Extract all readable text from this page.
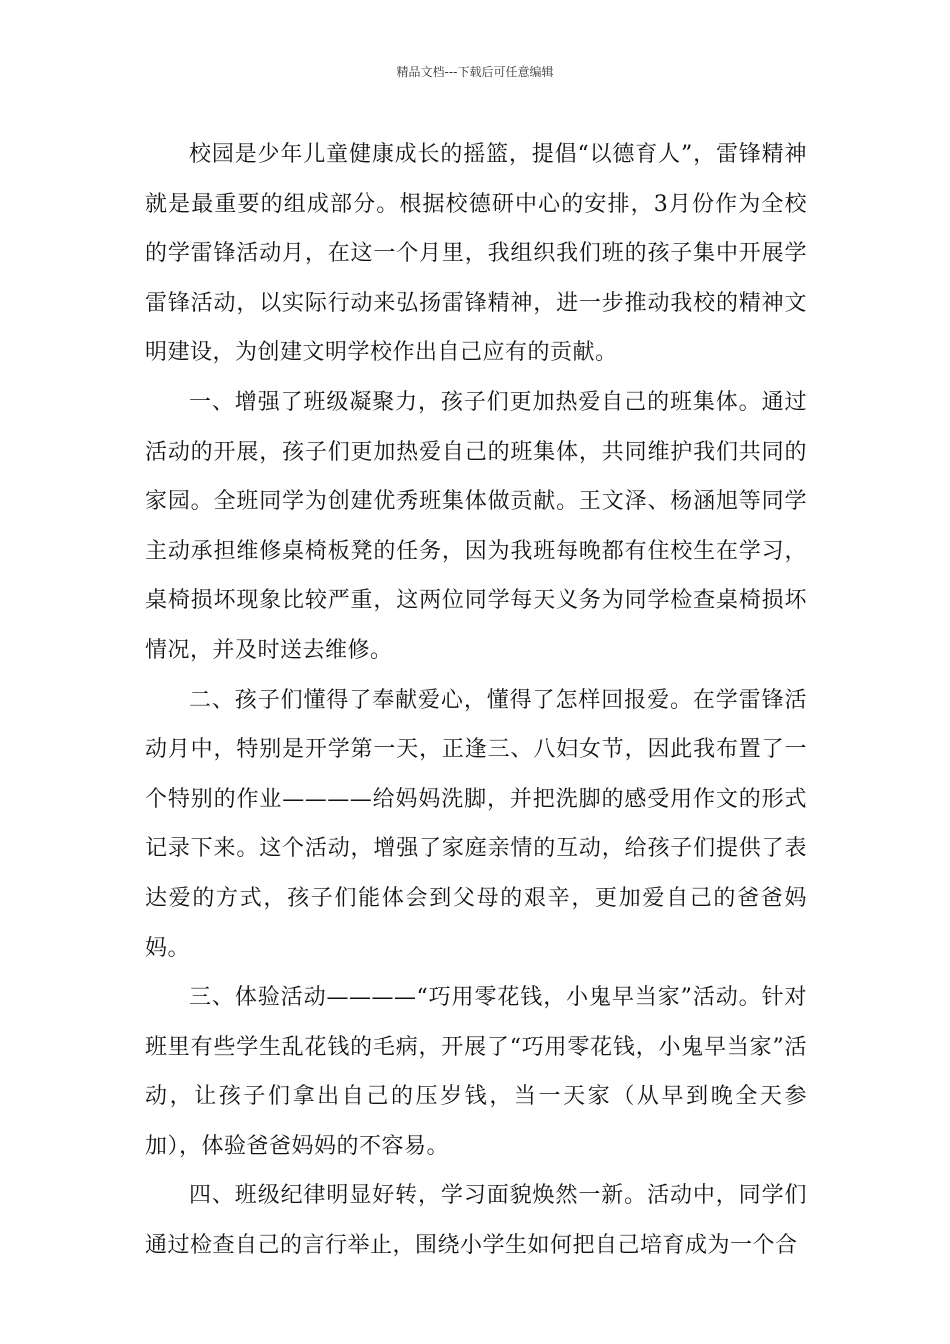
精品文档---下载后可任意编辑

校园是少年儿童健康成长的摇篮，提倡“以德育人”，雷锋精神就是最重要的组成部分。根据校德研中心的安排，3月份作为全校的学雷锋活动月，在这一个月里，我组织我们班的孩子集中开展学雷锋活动，以实际行动来弘扬雷锋精神，进一步推动我校的精神文明建设，为创建文明学校作出自己应有的贡献。

一、增强了班级凝聚力，孩子们更加热爱自己的班集体。通过活动的开展，孩子们更加热爱自己的班集体，共同维护我们共同的家园。全班同学为创建优秀班集体做贡献。王文泽、杨涵旭等同学主动承担维修桌椅板凳的任务，因为我班每晚都有住校生在学习，桌椅损坏现象比较严重，这两位同学每天义务为同学检查桌椅损坏情况，并及时送去维修。

二、孩子们懂得了奉献爱心，懂得了怎样回报爱。在学雷锋活动月中，特别是开学第一天，正逢三、八妇女节，因此我布置了一个特别的作业————给妈妈洗脚，并把洗脚的感受用作文的形式记录下来。这个活动，增强了家庭亲情的互动，给孩子们提供了表达爱的方式，孩子们能体会到父母的艰辛，更加爱自己的爸爸妈妈。

三、体验活动————“巧用零花钱，小鬼早当家”活动。针对班里有些学生乱花钱的毛病，开展了“巧用零花钱，小鬼早当家”活动，让孩子们拿出自己的压岁钱，当一天家（从早到晚全天参加），体验爸爸妈妈的不容易。

四、班级纪律明显好转，学习面貌焕然一新。活动中，同学们通过检查自己的言行举止，围绕小学生如何把自己培育成为一个合
